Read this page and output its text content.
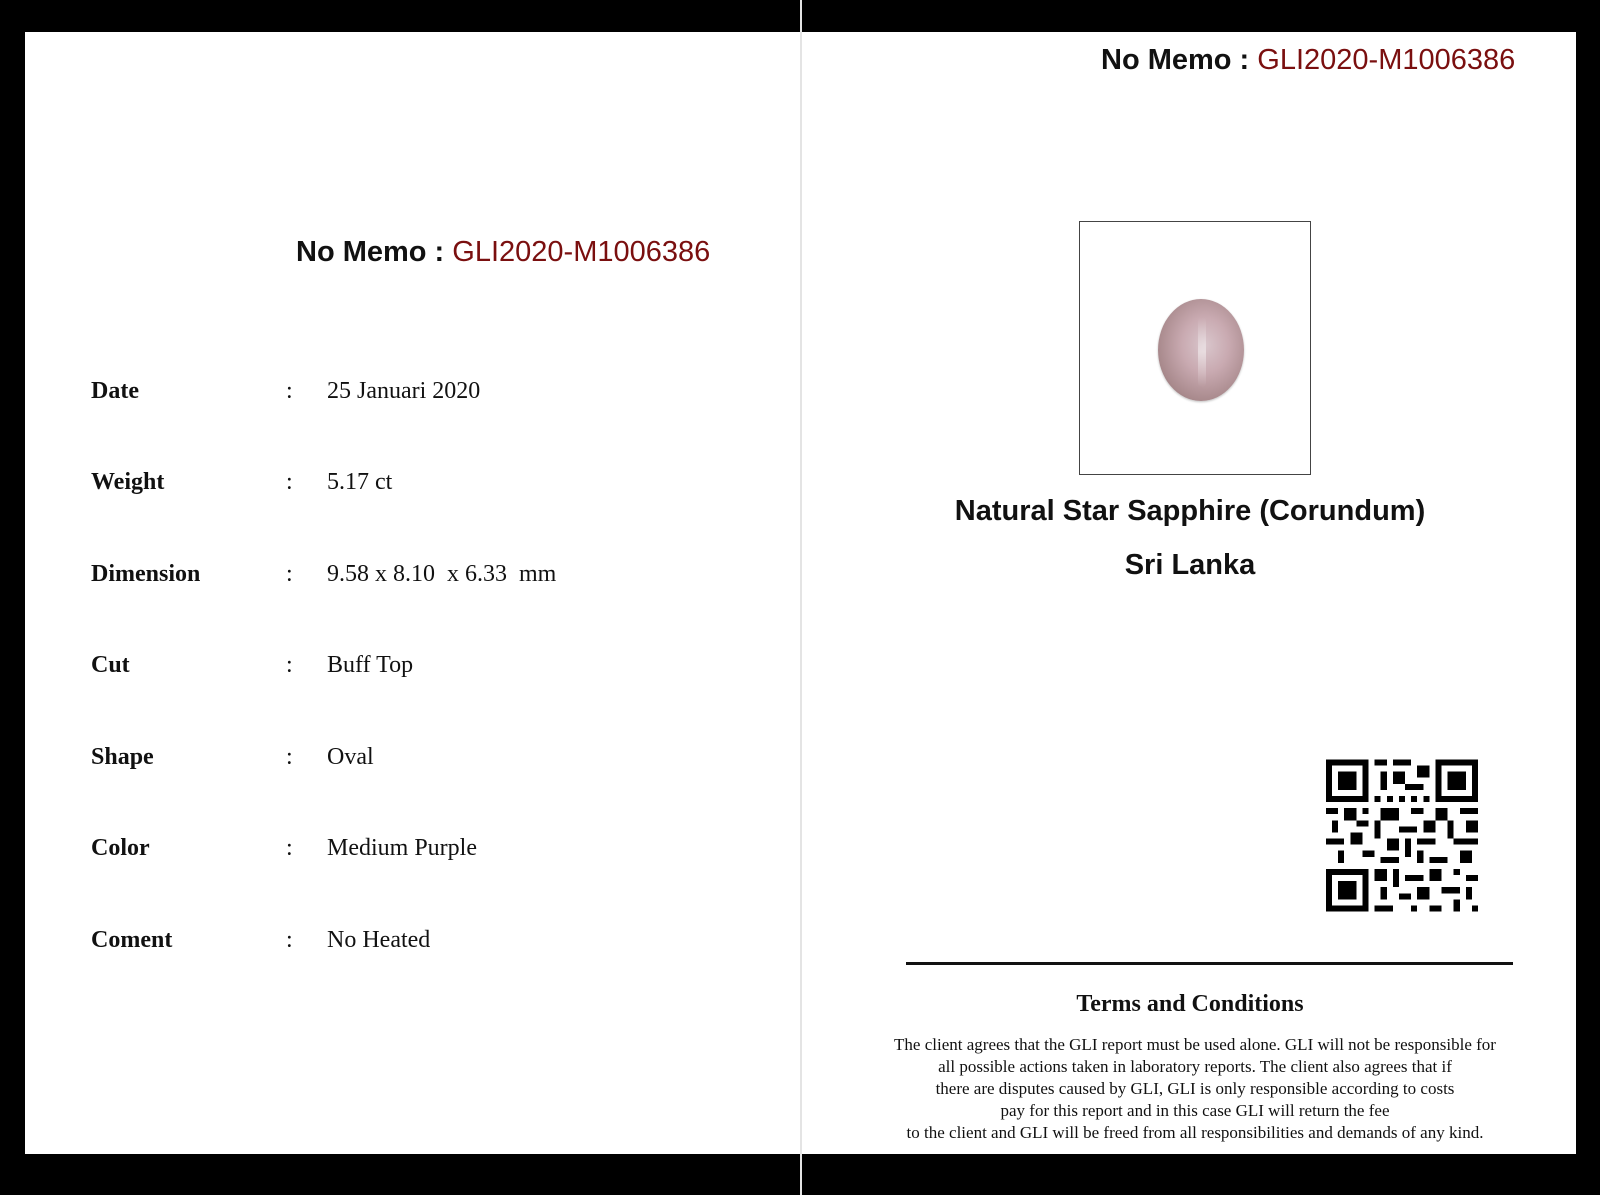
No Memo : GLI2020-M1006386
No Memo : GLI2020-M1006386
Date	: 25 Januari 2020
Weight	: 5.17 ct
Dimension	: 9.58 x 8.10  x 6.33  mm
Cut	: Buff Top
Shape	: Oval
Color	: Medium Purple
Coment	: No Heated
Natural Star Sapphire (Corundum)
Sri Lanka
Terms and Conditions
The client agrees that the GLI report must be used alone. GLI will not be responsible for
all possible actions taken in laboratory reports. The client also agrees that if
there are disputes caused by GLI, GLI is only responsible according to costs
pay for this report and in this case GLI will return the fee
to the client and GLI will be freed from all responsibilities and demands of any kind.
